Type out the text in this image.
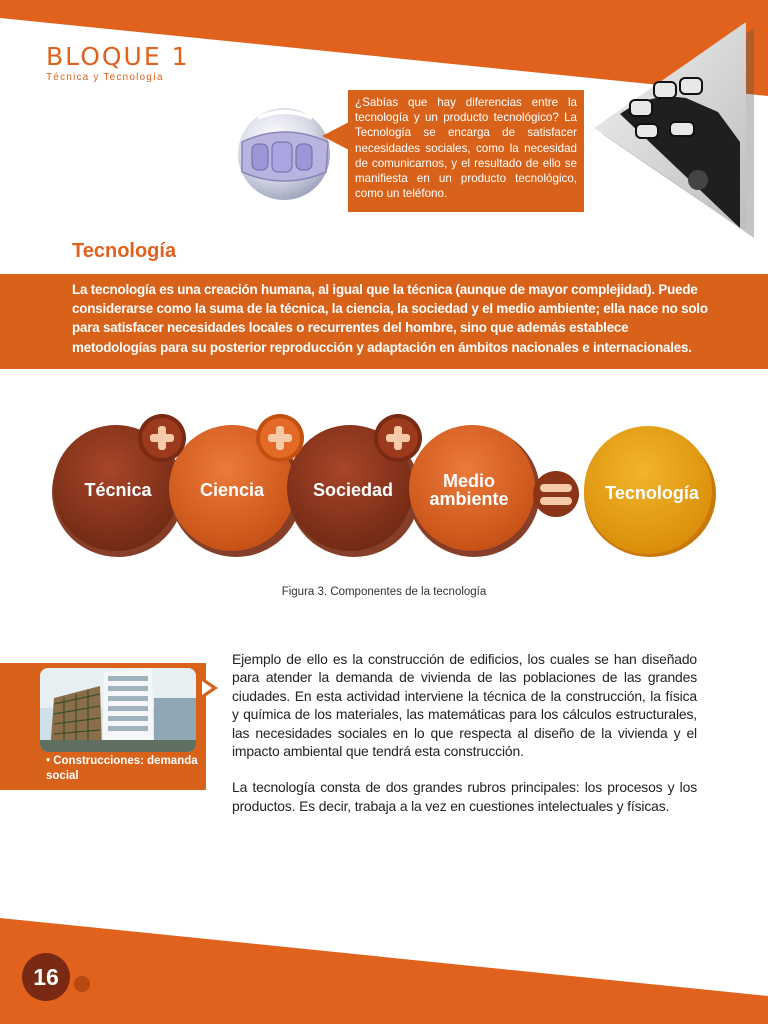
BLOQUE 1
Técnica y Tecnología
¿Sabías que hay diferencias entre la tecnología y un producto tecnológico? La Tecnología se encarga de satisfacer necesidades sociales, como la necesidad de comunicarnos, y el resultado de ello se manifiesta en un producto tecnológico, como un teléfono.
Tecnología
La tecnología es una creación humana, al igual que la técnica (aunque de mayor complejidad). Puede considerarse como la suma de la técnica, la ciencia, la sociedad y el medio ambiente; ella nace no solo para satisfacer necesidades locales o recurrentes del hombre, sino que además establece metodologías para su posterior reproducción y adaptación en ámbitos nacionales e internacionales.
Técnica	Ciencia	Sociedad	Medio
ambiente	Tecnología
Figura 3. Componentes de la tecnología
• Construcciones: demanda social

Ejemplo de ello es la construcción de edificios, los cuales se han diseñado para atender la demanda de vivienda de las poblaciones de las grandes ciudades. En esta actividad interviene la técnica de la construcción, la física y química de los materiales, las matemáticas para los cálculos estructurales, las necesidades sociales en lo que respecta al diseño de la vivienda y el impacto ambiental que tendrá esta construcción.

La tecnología consta de dos grandes rubros principales: los procesos y los productos. Es decir, trabaja a la vez en cuestiones intelectuales y físicas.

16
